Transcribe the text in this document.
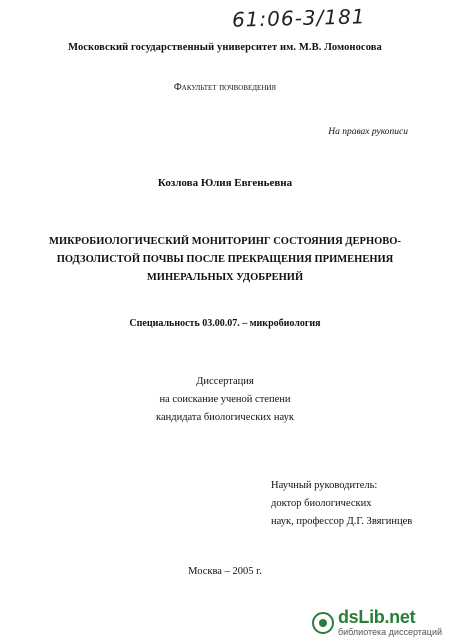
61:06-3/181
Московский государственный университет им. М.В. Ломоносова
Факультет почвоведения
На правах рукописи
Козлова Юлия Евгеньевна
МИКРОБИОЛОГИЧЕСКИЙ МОНИТОРИНГ СОСТОЯНИЯ ДЕРНОВО-
ПОДЗОЛИСТОЙ ПОЧВЫ ПОСЛЕ ПРЕКРАЩЕНИЯ ПРИМЕНЕНИЯ
МИНЕРАЛЬНЫХ УДОБРЕНИЙ
Специальность 03.00.07. – микробиология
Диссертация
на соискание ученой степени
кандидата биологических наук
Научный руководитель:
доктор биологических
наук, профессор Д.Г. Звягинцев
Москва – 2005 г.
dsLib.net
библиотека диссертаций
